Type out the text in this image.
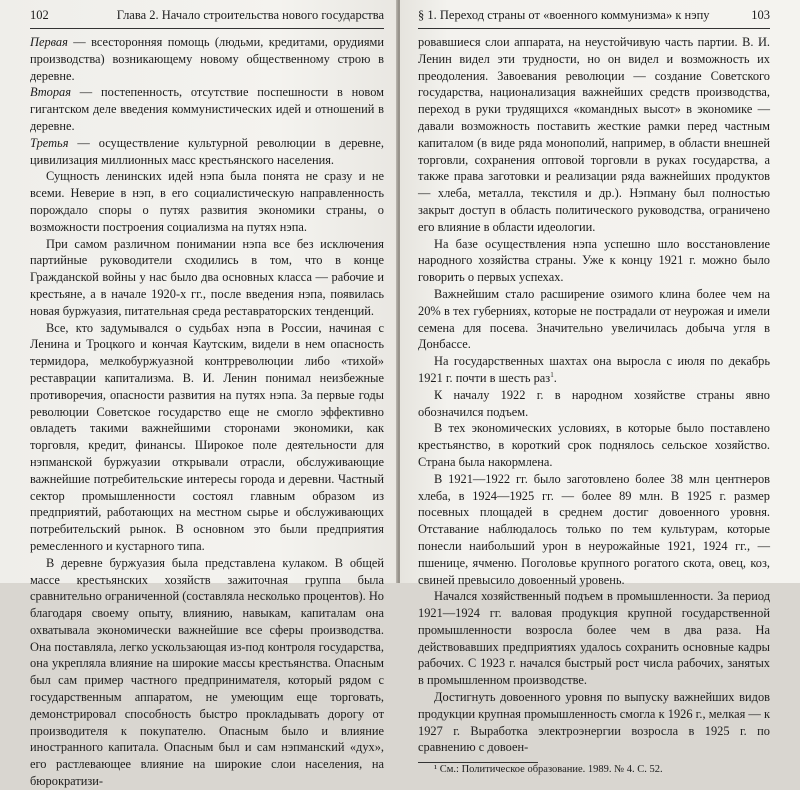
102	Глава 2. Начало строительства нового государства

Первая — всесторонняя помощь (людьми, кредитами, орудиями производства) возникающему новому общественному строю в деревне.

Вторая — постепенность, отсутствие поспешности в новом гигантском деле введения коммунистических идей и отношений в деревне.

Третья — осуществление культурной революции в деревне, цивилизация миллионных масс крестьянского населения.

Сущность ленинских идей нэпа была понята не сразу и не всеми. Неверие в нэп, в его социалистическую направленность порождало споры о путях развития экономики страны, о возможности построения социализма на путях нэпа.

При самом различном понимании нэпа все без исключения партийные руководители сходились в том, что в конце Гражданской войны у нас было два основных класса — рабочие и крестьяне, а в начале 1920-х гг., после введения нэпа, появилась новая буржуазия, питательная среда реставраторских тенденций.

Все, кто задумывался о судьбах нэпа в России, начиная с Ленина и Троцкого и кончая Каутским, видели в нем опасность термидора, мелкобуржуазной контрреволюции либо «тихой» реставрации капитализма. В. И. Ленин понимал неизбежные противоречия, опасности развития на путях нэпа. За первые годы революции Советское государство еще не смогло эффективно овладеть такими важнейшими сторонами экономики, как торговля, кредит, финансы. Широкое поле деятельности для нэпманской буржуазии открывали отрасли, обслуживающие важнейшие потребительские интересы города и деревни. Частный сектор промышленности состоял главным образом из предприятий, работающих на местном сырье и обслуживающих потребительский рынок. В основном это были предприятия ремесленного и кустарного типа.

В деревне буржуазия была представлена кулаком. В общей массе крестьянских хозяйств зажиточная группа была сравнительно ограниченной (составляла несколько процентов). Но благодаря своему опыту, влиянию, навыкам, капиталам она охватывала экономически важнейшие все сферы производства. Она поставляла, легко ускользающая из-под контроля государства, она укрепляла влияние на широкие массы крестьянства. Опасным был сам пример частного предпринимателя, который рядом с государственным аппаратом, не умеющим еще торговать, демонстрировал способность быстро прокладывать дорогу от производителя к покупателю. Опасным было и влияние иностранного капитала. Опасным был и сам нэпманский «дух», его растлевающее влияние на широкие слои населения, на бюрократизи-

§ 1. Переход страны от «военного коммунизма» к нэпу	103

ровавшиеся слои аппарата, на неустойчивую часть партии. В. И. Ленин видел эти трудности, но он видел и возможность их преодоления. Завоевания революции — создание Советского государства, национализация важнейших средств производства, переход в руки трудящихся «командных высот» в экономике — давали возможность поставить жесткие рамки перед частным капиталом (в виде ряда монополий, например, в области внешней торговли, сохранения оптовой торговли в руках государства, а также права заготовки и реализации ряда важнейших продуктов — хлеба, металла, текстиля и др.). Нэпману был полностью закрыт доступ в область политического руководства, ограничено его влияние в области идеологии.

На базе осуществления нэпа успешно шло восстановление народного хозяйства страны. Уже к концу 1921 г. можно было говорить о первых успехах.

Важнейшим стало расширение озимого клина более чем на 20% в тех губерниях, которые не пострадали от неурожая и имели семена для посева. Значительно увеличилась добыча угля в Донбассе.

На государственных шахтах она выросла с июля по декабрь 1921 г. почти в шесть раз$^1$.

К началу 1922 г. в народном хозяйстве страны явно обозначился подъем.

В тех экономических условиях, в которые было поставлено крестьянство, в короткий срок поднялось сельское хозяйство. Страна была накормлена.

В 1921—1922 гг. было заготовлено более 38 млн центнеров хлеба, в 1924—1925 гг. — более 89 млн. В 1925 г. размер посевных площадей в среднем достиг довоенного уровня. Отставание наблюдалось только по тем культурам, которые понесли наибольший урон в неурожайные 1921, 1924 гг., — пшенице, ячменю. Поголовье крупного рогатого скота, овец, коз, свиней превысило довоенный уровень.

Начался хозяйственный подъем в промышленности. За период 1921—1924 гг. валовая продукция крупной государственной промышленности возросла более чем в два раза. На действовавших предприятиях удалось сохранить основные кадры рабочих. С 1923 г. начался быстрый рост числа рабочих, занятых в промышленном производстве.

Достигнуть довоенного уровня по выпуску важнейших видов продукции крупная промышленность смогла к 1926 г., мелкая — к 1927 г. Выработка электроэнергии возросла в 1925 г. по сравнению с довоен-

¹ См.: Политическое образование. 1989. № 4. С. 52.
